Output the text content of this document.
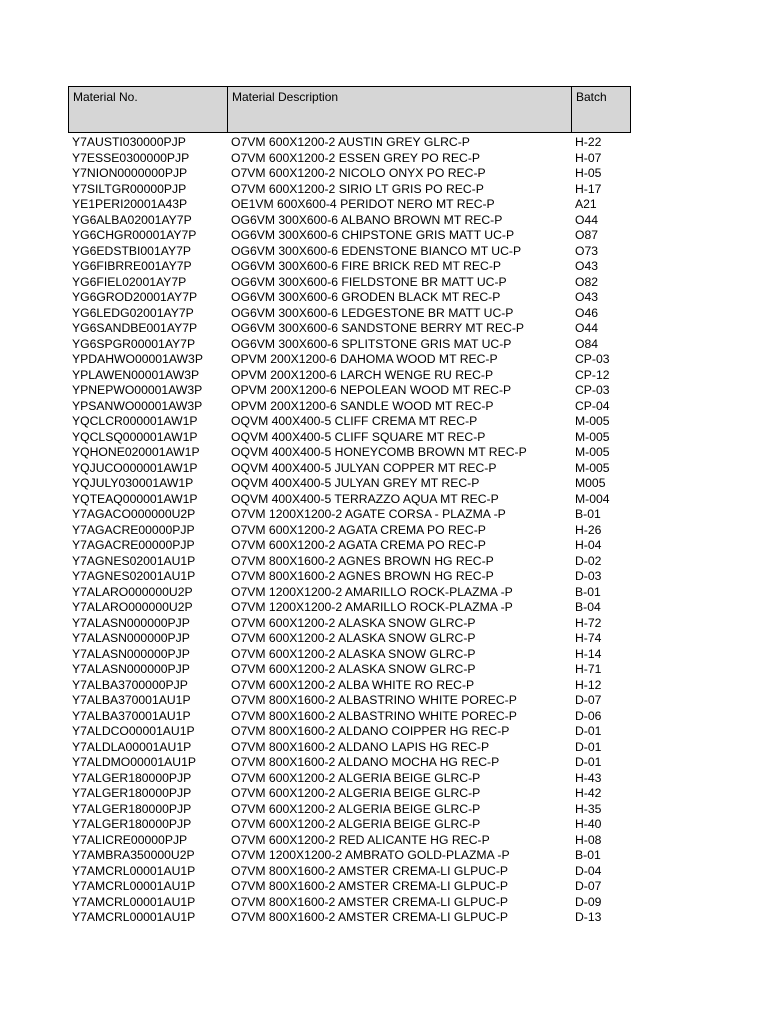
Material No.	Material Description	Batch
Y7AUSTI030000PJP	O7VM 600X1200-2 AUSTIN GREY GLRC-P	H-22
Y7ESSE0300000PJP	O7VM 600X1200-2 ESSEN GREY PO REC-P	H-07
Y7NION0000000PJP	O7VM 600X1200-2 NICOLO ONYX PO REC-P	H-05
Y7SILTGR00000PJP	O7VM 600X1200-2 SIRIO LT GRIS PO REC-P	H-17
YE1PERI20001A43P	OE1VM 600X600-4 PERIDOT NERO MT REC-P	A21
YG6ALBA02001AY7P	OG6VM 300X600-6 ALBANO BROWN MT REC-P	O44
YG6CHGR00001AY7P	OG6VM 300X600-6 CHIPSTONE GRIS MATT UC-P	O87
YG6EDSTBI001AY7P	OG6VM 300X600-6 EDENSTONE BIANCO MT UC-P	O73
YG6FIBRRE001AY7P	OG6VM 300X600-6 FIRE BRICK RED MT REC-P	O43
YG6FIEL02001AY7P	OG6VM 300X600-6 FIELDSTONE BR MATT UC-P	O82
YG6GROD20001AY7P	OG6VM 300X600-6 GRODEN BLACK MT REC-P	O43
YG6LEDG02001AY7P	OG6VM 300X600-6 LEDGESTONE BR MATT UC-P	O46
YG6SANDBE001AY7P	OG6VM 300X600-6 SANDSTONE BERRY MT REC-P	O44
YG6SPGR00001AY7P	OG6VM 300X600-6 SPLITSTONE GRIS MAT UC-P	O84
YPDAHWO00001AW3P	OPVM 200X1200-6 DAHOMA WOOD MT REC-P	CP-03
YPLAWEN00001AW3P	OPVM 200X1200-6 LARCH WENGE RU REC-P	CP-12
YPNEPWO00001AW3P	OPVM 200X1200-6 NEPOLEAN WOOD MT REC-P	CP-03
YPSANWO00001AW3P	OPVM 200X1200-6 SANDLE WOOD MT REC-P	CP-04
YQCLCR000001AW1P	OQVM 400X400-5 CLIFF CREMA MT REC-P	M-005
YQCLSQ000001AW1P	OQVM 400X400-5 CLIFF SQUARE MT REC-P	M-005
YQHONE020001AW1P	OQVM 400X400-5 HONEYCOMB BROWN MT REC-P	M-005
YQJUCO000001AW1P	OQVM 400X400-5 JULYAN COPPER MT REC-P	M-005
YQJULY030001AW1P	OQVM 400X400-5 JULYAN GREY MT REC-P	M005
YQTEAQ000001AW1P	OQVM 400X400-5 TERRAZZO AQUA MT REC-P	M-004
Y7AGACO000000U2P	O7VM 1200X1200-2 AGATE CORSA - PLAZMA -P	B-01
Y7AGACRE00000PJP	O7VM 600X1200-2 AGATA CREMA PO REC-P	H-26
Y7AGACRE00000PJP	O7VM 600X1200-2 AGATA CREMA PO REC-P	H-04
Y7AGNES02001AU1P	O7VM 800X1600-2 AGNES BROWN HG REC-P	D-02
Y7AGNES02001AU1P	O7VM 800X1600-2 AGNES BROWN HG REC-P	D-03
Y7ALARO000000U2P	O7VM 1200X1200-2 AMARILLO ROCK-PLAZMA -P	B-01
Y7ALARO000000U2P	O7VM 1200X1200-2 AMARILLO ROCK-PLAZMA -P	B-04
Y7ALASN000000PJP	O7VM 600X1200-2 ALASKA SNOW GLRC-P	H-72
Y7ALASN000000PJP	O7VM 600X1200-2 ALASKA SNOW GLRC-P	H-74
Y7ALASN000000PJP	O7VM 600X1200-2 ALASKA SNOW GLRC-P	H-14
Y7ALASN000000PJP	O7VM 600X1200-2 ALASKA SNOW GLRC-P	H-71
Y7ALBA3700000PJP	O7VM 600X1200-2 ALBA WHITE RO REC-P	H-12
Y7ALBA370001AU1P	O7VM 800X1600-2 ALBASTRINO WHITE POREC-P	D-07
Y7ALBA370001AU1P	O7VM 800X1600-2 ALBASTRINO WHITE POREC-P	D-06
Y7ALDCO00001AU1P	O7VM 800X1600-2 ALDANO COIPPER HG REC-P	D-01
Y7ALDLA00001AU1P	O7VM 800X1600-2 ALDANO LAPIS HG REC-P	D-01
Y7ALDMO00001AU1P	O7VM 800X1600-2 ALDANO MOCHA HG REC-P	D-01
Y7ALGER180000PJP	O7VM 600X1200-2 ALGERIA BEIGE GLRC-P	H-43
Y7ALGER180000PJP	O7VM 600X1200-2 ALGERIA BEIGE GLRC-P	H-42
Y7ALGER180000PJP	O7VM 600X1200-2 ALGERIA BEIGE GLRC-P	H-35
Y7ALGER180000PJP	O7VM 600X1200-2 ALGERIA BEIGE GLRC-P	H-40
Y7ALICRE00000PJP	O7VM 600X1200-2 RED ALICANTE HG REC-P	H-08
Y7AMBRA350000U2P	O7VM 1200X1200-2 AMBRATO GOLD-PLAZMA -P	B-01
Y7AMCRL00001AU1P	O7VM 800X1600-2 AMSTER CREMA-LI GLPUC-P	D-04
Y7AMCRL00001AU1P	O7VM 800X1600-2 AMSTER CREMA-LI GLPUC-P	D-07
Y7AMCRL00001AU1P	O7VM 800X1600-2 AMSTER CREMA-LI GLPUC-P	D-09
Y7AMCRL00001AU1P	O7VM 800X1600-2 AMSTER CREMA-LI GLPUC-P	D-13
